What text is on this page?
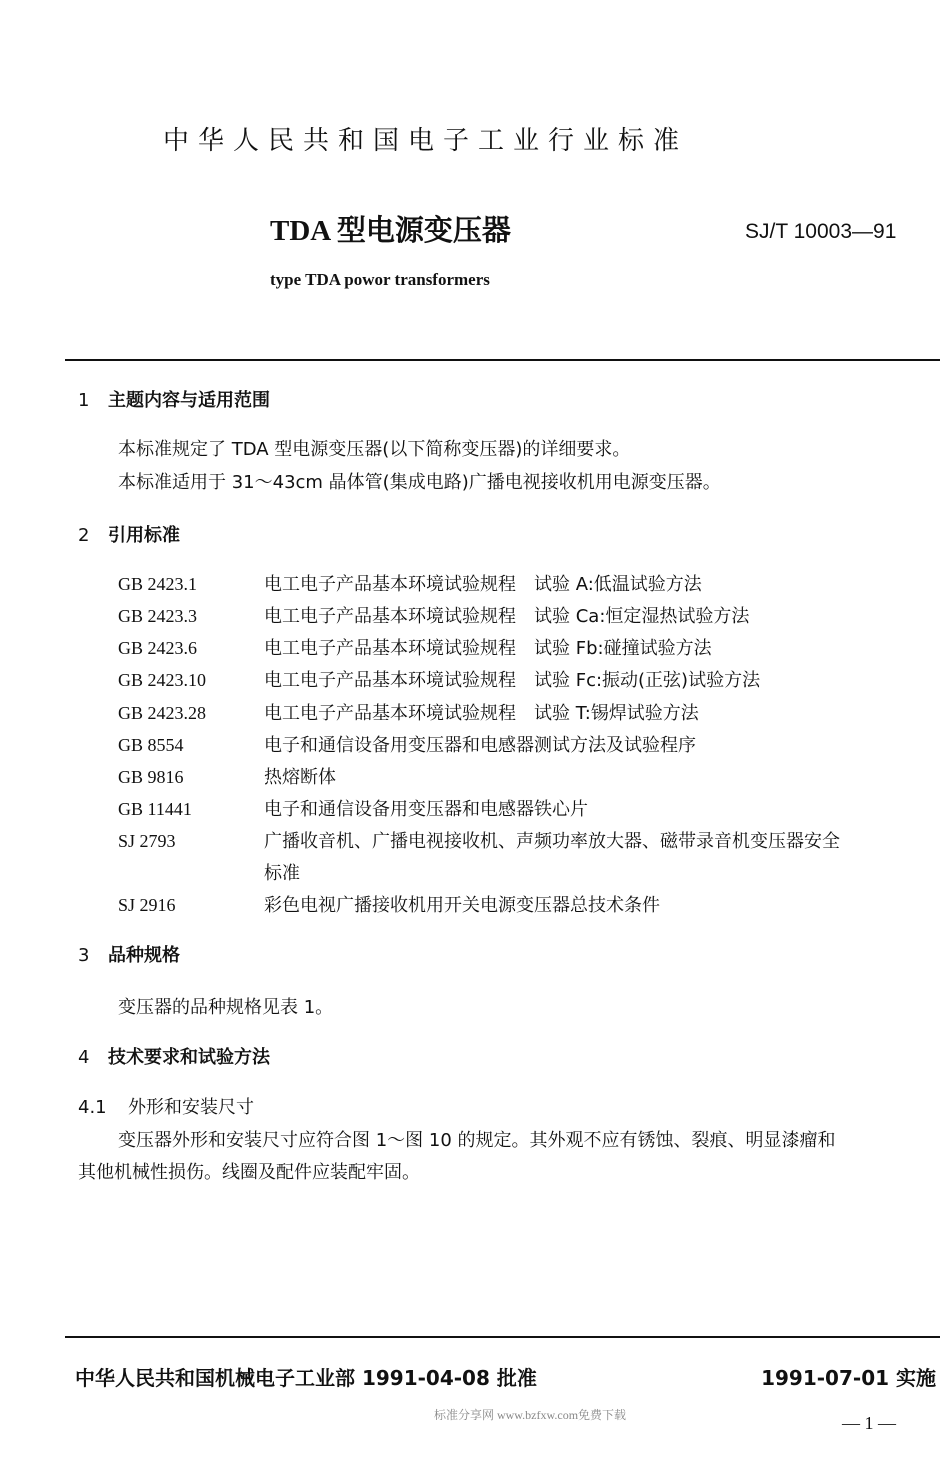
中华人民共和国电子工业行业标准
TDA 型电源变压器	SJ/T 10003—91
type TDA powor transformers
1 主题内容与适用范围
本标准规定了 TDA 型电源变压器(以下简称变压器)的详细要求。
本标准适用于 31～43cm 晶体管(集成电路)广播电视接收机用电源变压器。
2 引用标准
GB 2423.1	电工电子产品基本环境试验规程　试验 A:低温试验方法
GB 2423.3	电工电子产品基本环境试验规程　试验 Ca:恒定湿热试验方法
GB 2423.6	电工电子产品基本环境试验规程　试验 Fb:碰撞试验方法
GB 2423.10	电工电子产品基本环境试验规程　试验 Fc:振动(正弦)试验方法
GB 2423.28	电工电子产品基本环境试验规程　试验 T:锡焊试验方法
GB 8554	电子和通信设备用变压器和电感器测试方法及试验程序
GB 9816	热熔断体
GB 11441	电子和通信设备用变压器和电感器铁心片
SJ 2793	广播收音机、广播电视接收机、声频功率放大器、磁带录音机变压器安全
标准
SJ 2916	彩色电视广播接收机用开关电源变压器总技术条件
3 品种规格
变压器的品种规格见表 1。
4 技术要求和试验方法
4.1 外形和安装尺寸
变压器外形和安装尺寸应符合图 1～图 10 的规定。其外观不应有锈蚀、裂痕、明显漆瘤和
其他机械性损伤。线圈及配件应装配牢固。
中华人民共和国机械电子工业部 1991-04-08 批准	1991-07-01 实施
标准分享网 www.bzfxw.com免费下载	— 1 —
